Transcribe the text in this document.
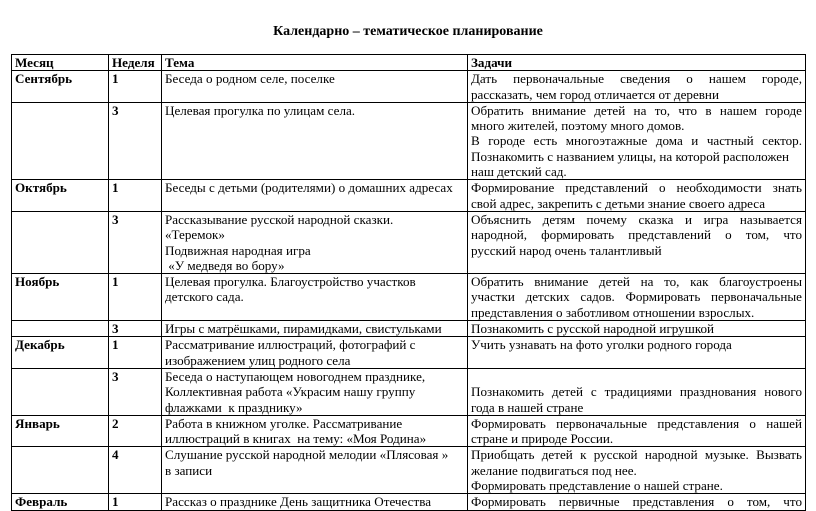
Календарно – тематическое планирование
Месяц	Неделя	Тема	Задачи
Сентябрь	1	Беседа о родном селе, поселке	Дать первоначальные сведения о нашем городе,
рассказать, чем город отличается от деревни

	3	Целевая прогулка по улицам села.	Обратить внимание детей на то, что в нашем городе
много жителей, поэтому много домов.
В городе есть многоэтажные дома и частный сектор.
Познакомить с названием улицы, на которой расположен
наш детский сад.

Октябрь	1	Беседы с детьми (родителями) о домашних адресах	Формирование представлений о необходимости знать
свой адрес, закрепить с детьми знание своего адреса

	3	Рассказывание русской народной сказки.
«Теремок»
Подвижная народная игра
«У медведя во бору»	Объяснить детям почему сказка и игра называется
народной, формировать представлений о том, что
русский народ очень талантливый

Ноябрь	1	Целевая прогулка. Благоустройство участков
детского сада.	Обратить внимание детей на то, как благоустроены
участки детских садов. Формировать первоначальные
представления о заботливом отношении взрослых.

	3	Игры с матрёшками, пирамидками, свистульками	Познакомить с русской народной игрушкой

Декабрь	1	Рассматривание иллюстраций, фотографий с
изображением улиц родного села	Учить узнавать на фото уголки родного города

	3	Беседа о наступающем новогоднем празднике,
Коллективная работа «Украсим нашу группу
флажками  к празднику»	Познакомить детей с традициями празднования нового
года в нашей стране

Январь	2	Работа в книжном уголке. Рассматривание
иллюстраций в книгах  на тему: «Моя Родина»	Формировать первоначальные представления о нашей
стране и природе России.

	4	Слушание русской народной мелодии «Плясовая »
в записи	Приобщать детей к русской народной музыке. Вызвать
желание подвигаться под нее.
Формировать представление о нашей стране.

Февраль	1	Рассказ о празднике День защитника Отечества	Формировать первичные представления о том, что
